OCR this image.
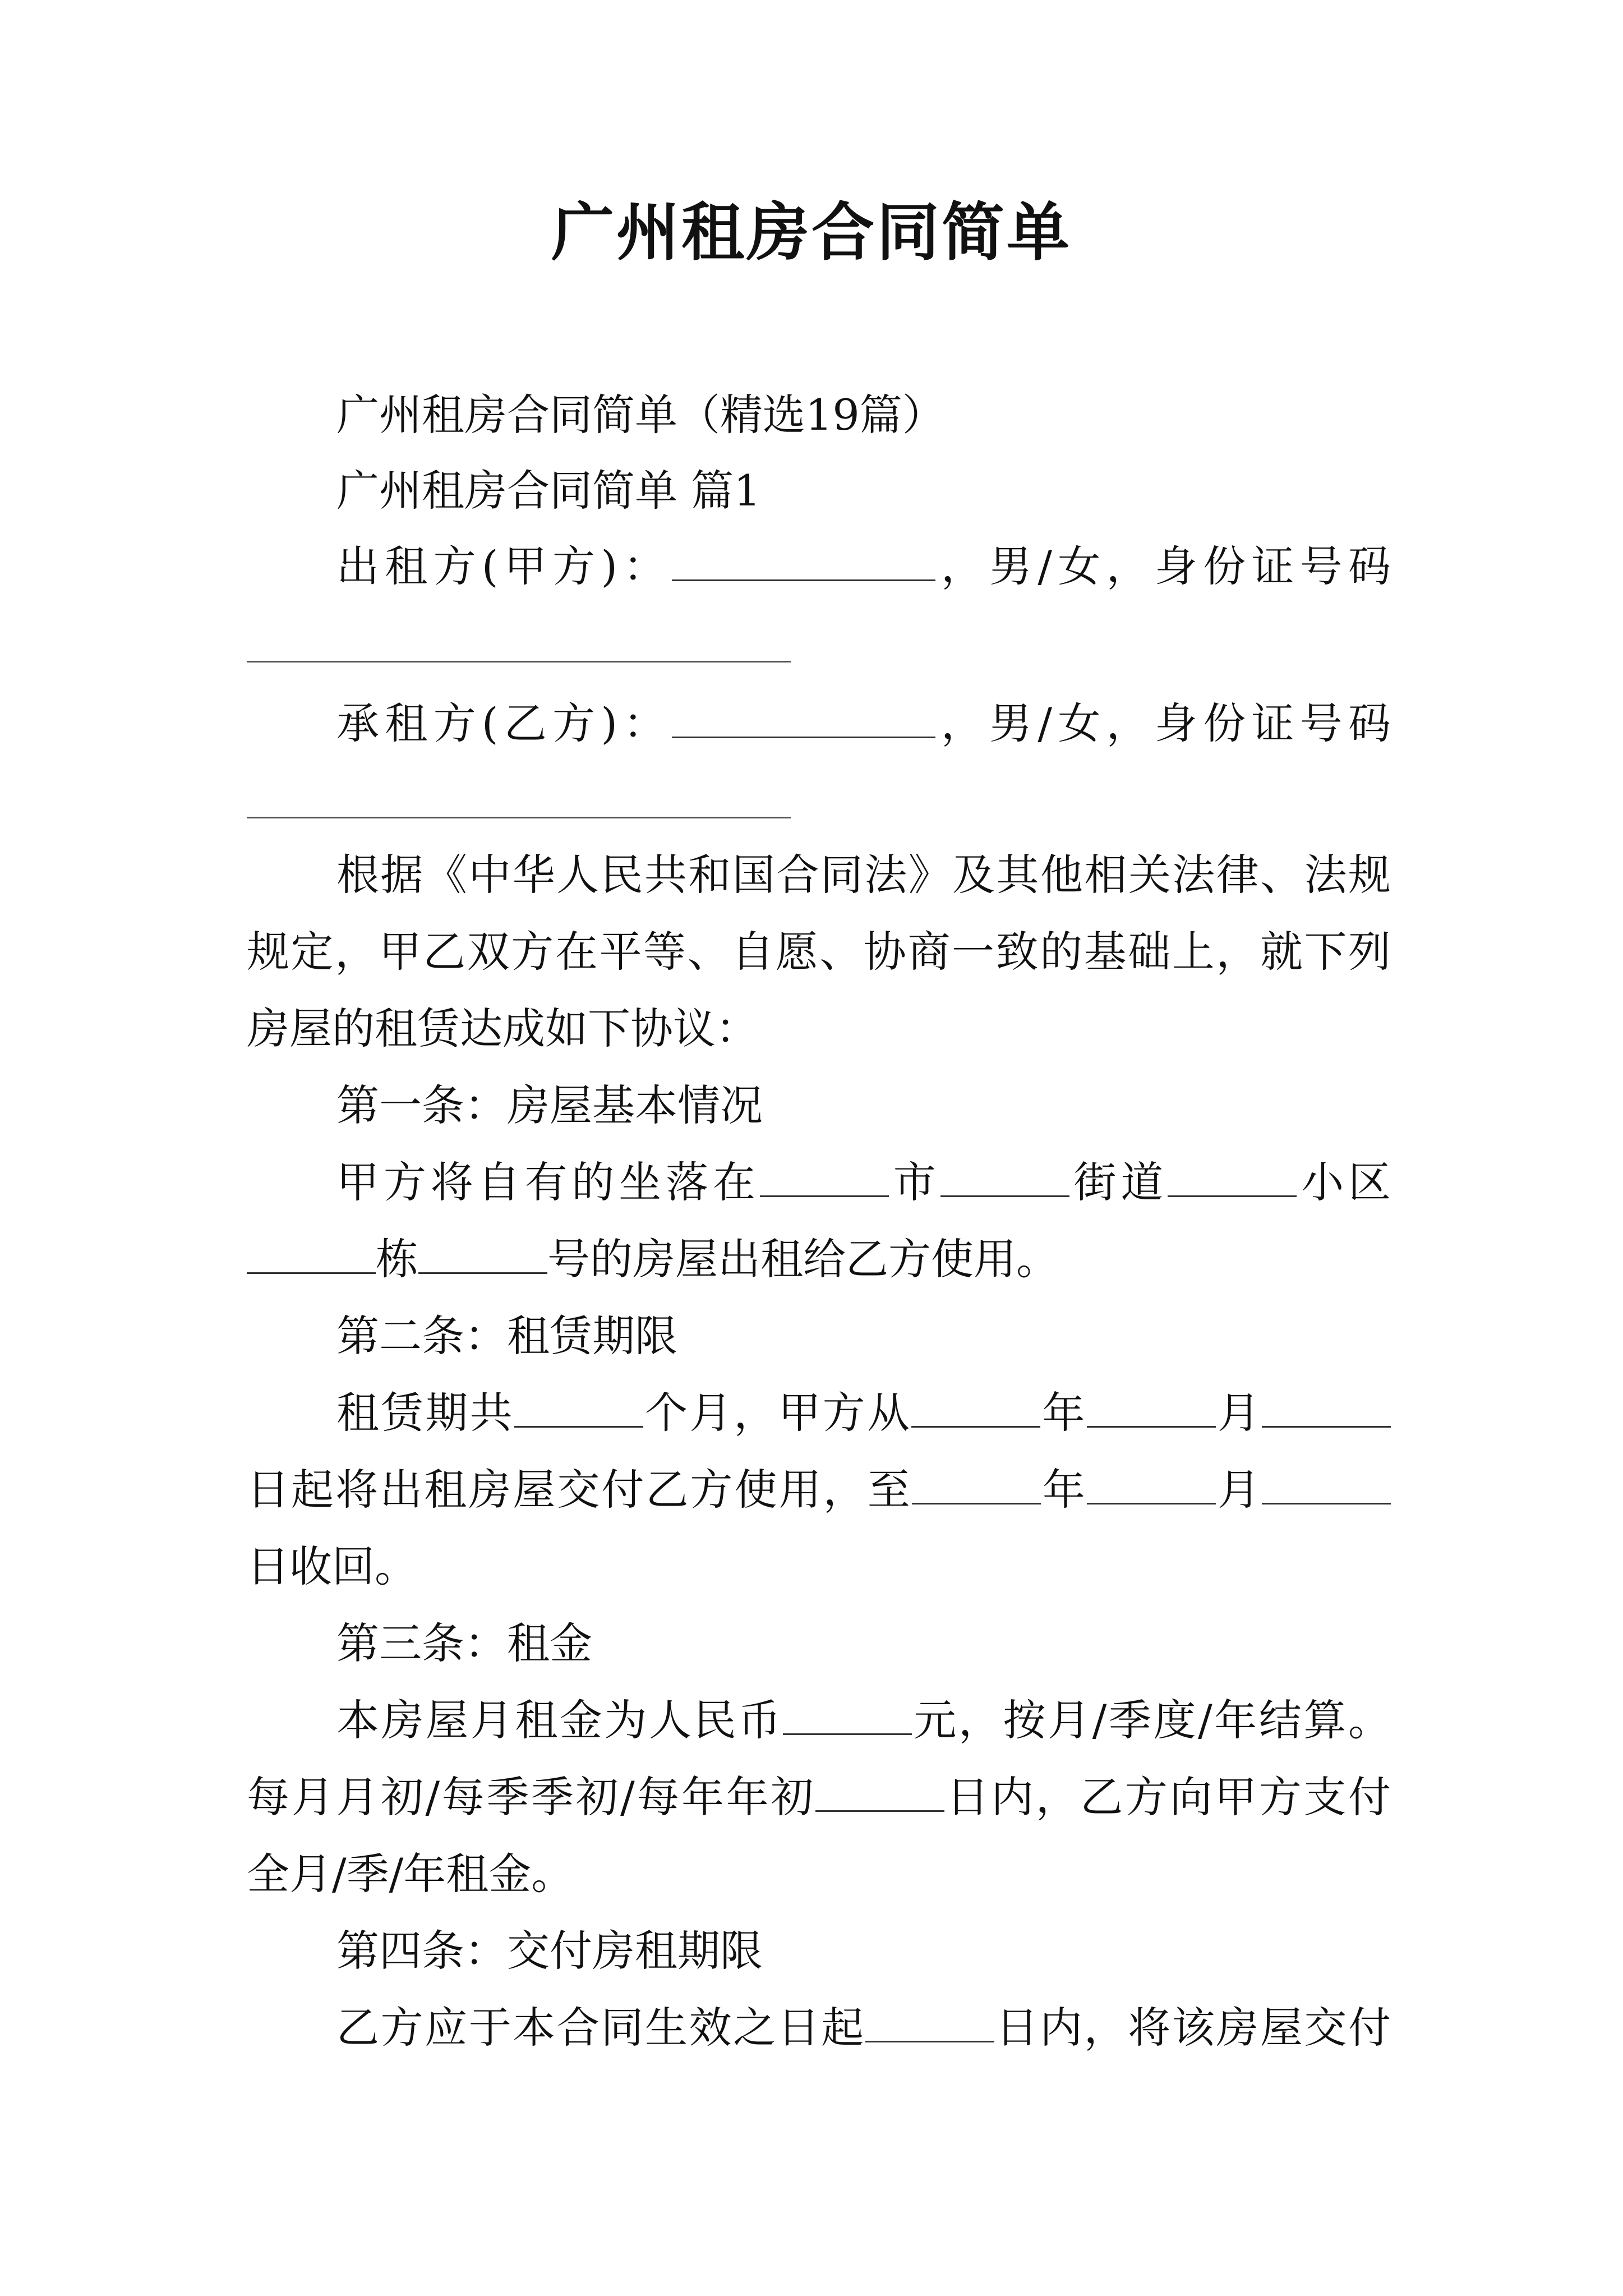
广州租房合同简单
广州租房合同简单（精选19篇）
广州租房合同简单 篇1
出租方(甲方)：	，男/女，身份证号码
承租方(乙方)：	，男/女，身份证号码
根据《中华人民共和国合同法》及其他相关法律、法规
规定，甲乙双方在平等、自愿、协商一致的基础上，就下列
房屋的租赁达成如下协议：
第一条：房屋基本情况
甲方将自有的坐落在	市	街道	小区
栋	号的房屋出租给乙方使用。
第二条：租赁期限
租赁期共	个月，甲方从	年	月
日起将出租房屋交付乙方使用，至	年	月
日收回。
第三条：租金
本房屋月租金为人民币	元，按月/季度/年结算。
每月月初/每季季初/每年年初	日内，乙方向甲方支付
全月/季/年租金。
第四条：交付房租期限
乙方应于本合同生效之日起	日内，将该房屋交付
